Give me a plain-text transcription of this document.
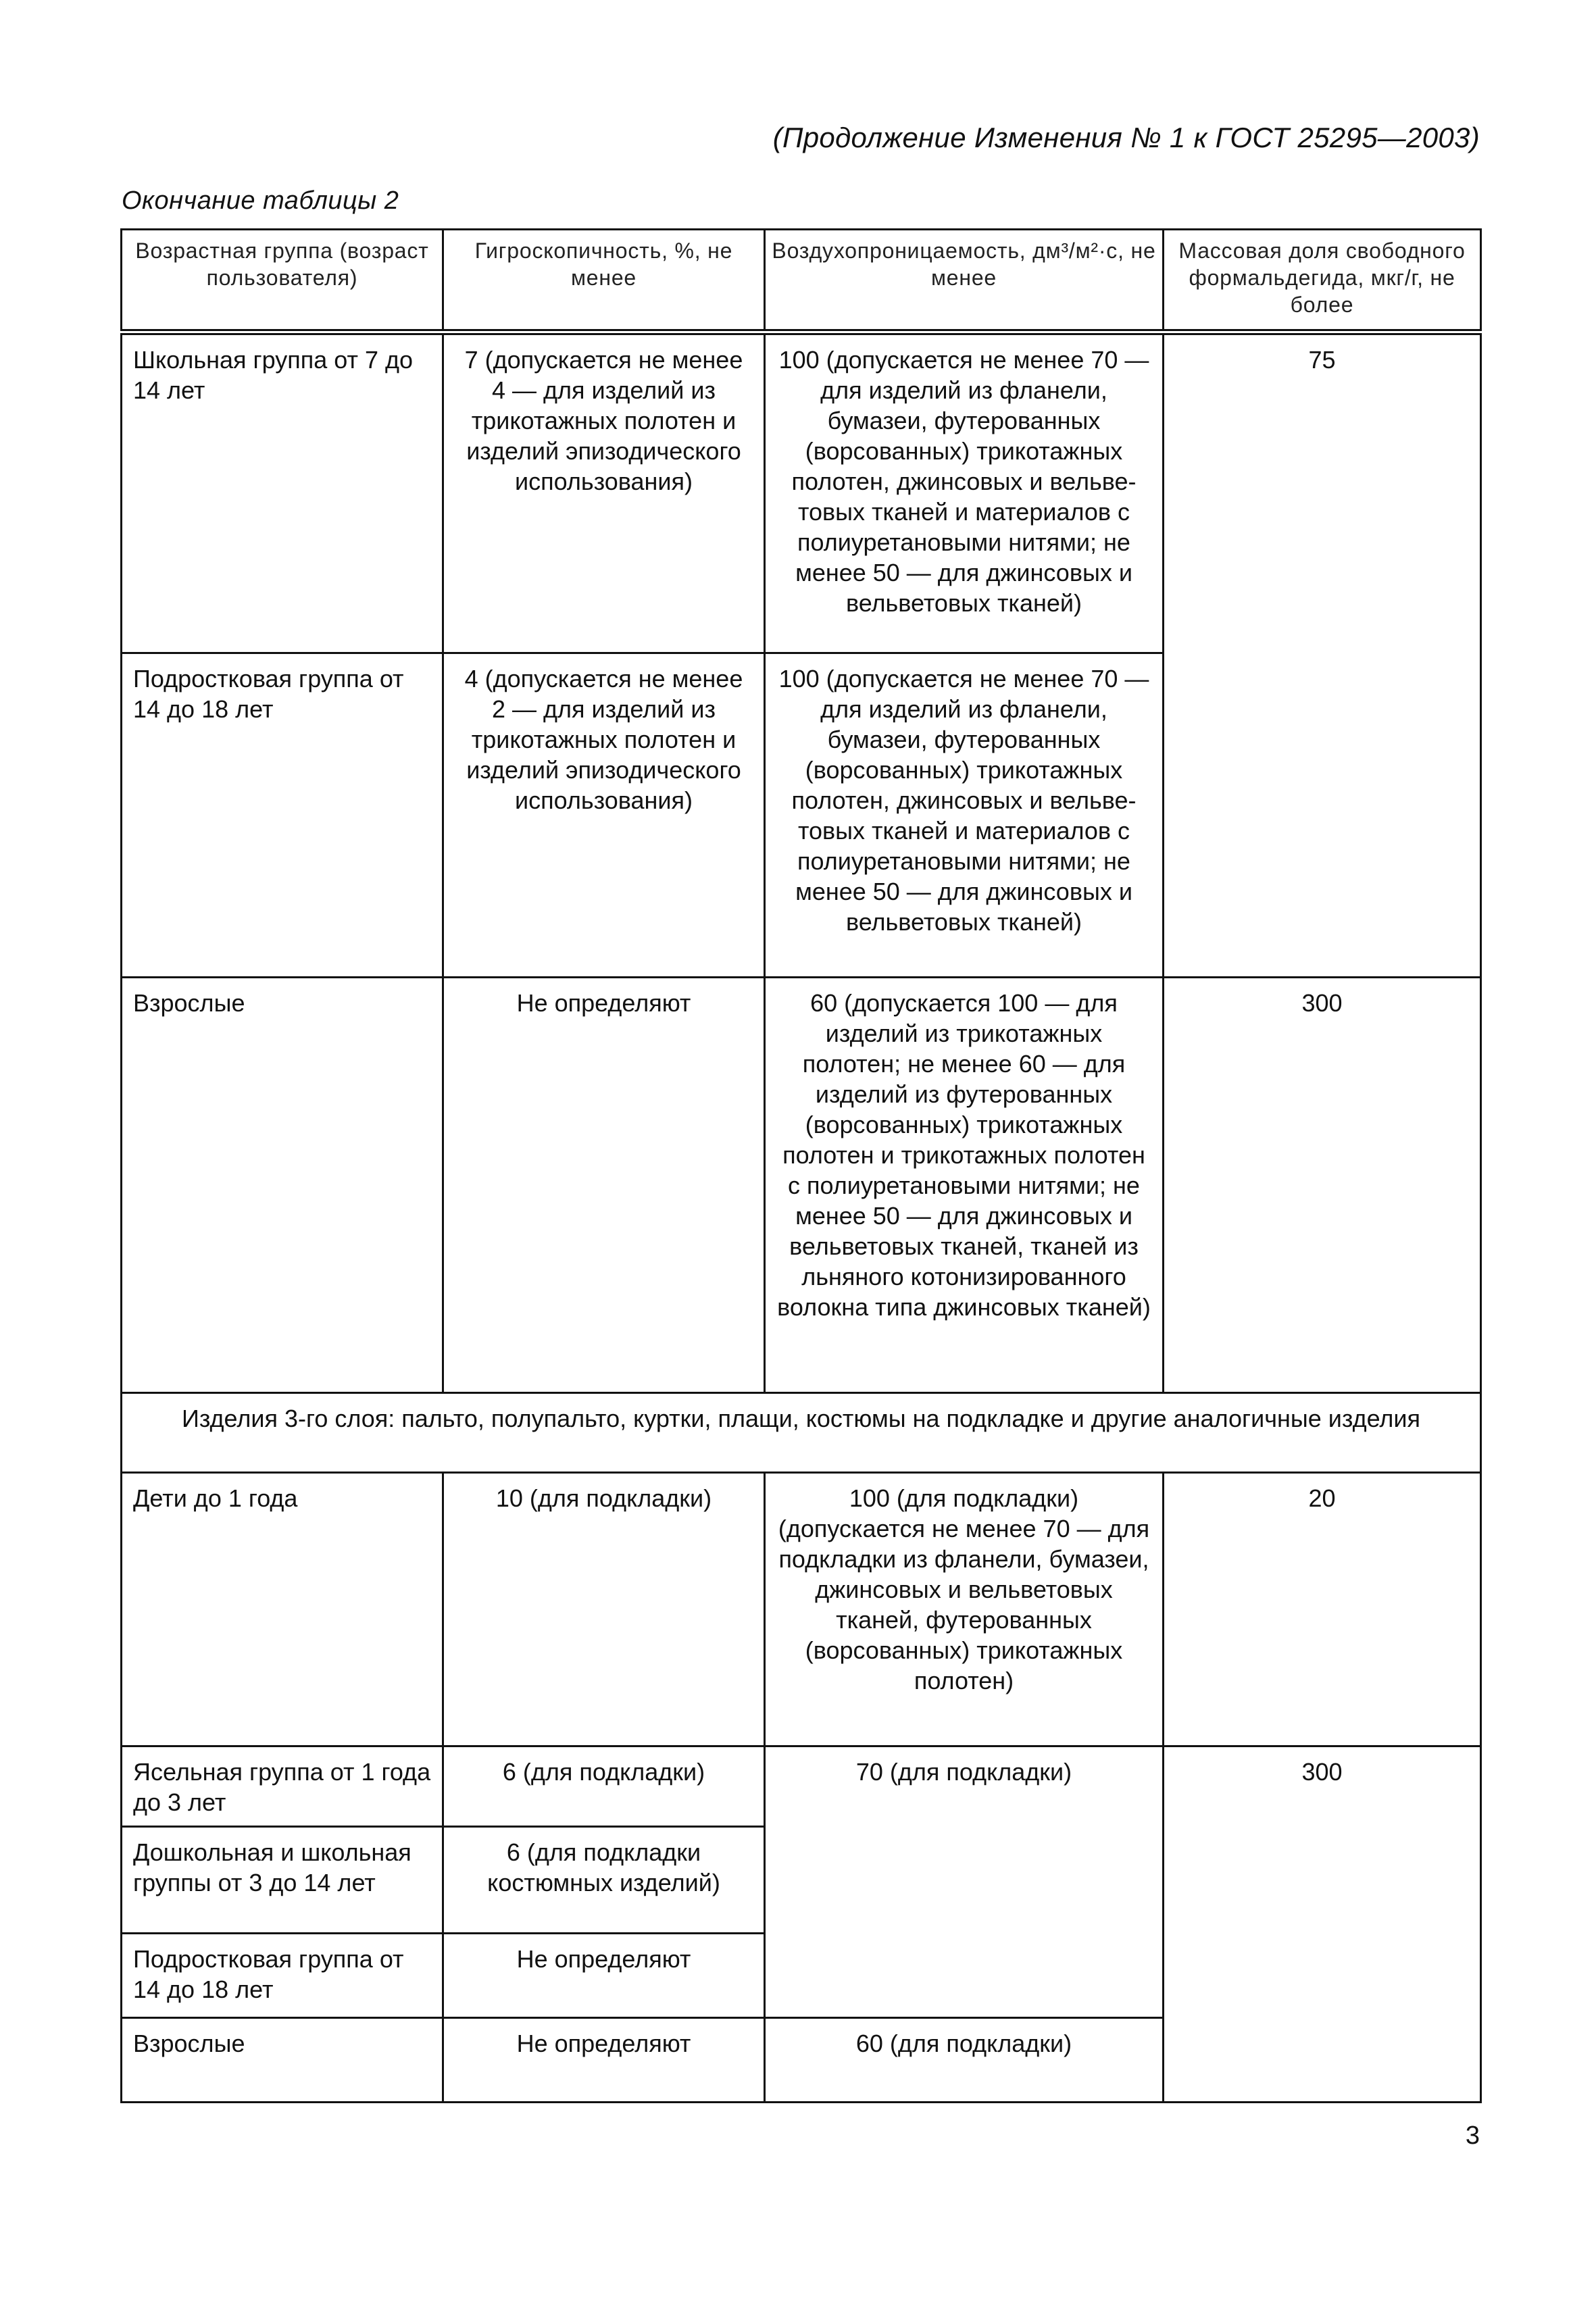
(Продолжение Изменения № 1 к ГОСТ 25295—2003)
Окончание таблицы 2
Возрастная группа (возраст пользователя)	Гигроскопичность, %, не менее	Воздухопроницаемость, дм³/м²·с, не менее	Массовая доля свободного формальдегида, мкг/г, не более
Школьная группа от 7 до 14 лет	7 (допускается не менее 4 — для изделий из трикотажных полотен и изделий эпизодического использования)	100 (допускается не менее 70 — для изделий из фланели, бумазеи, футерованных (ворсованных) трикотажных полотен, джинсовых и вельветовых тканей и материалов с полиуретановыми нитями; не менее 50 — для джинсовых и вельветовых тканей)	75
Подростковая группа от 14 до 18 лет	4 (допускается не менее 2 — для изделий из трикотажных полотен и изделий эпизодического использования)	100 (допускается не менее 70 — для изделий из фланели, бумазеи, футерованных (ворсованных) трикотажных полотен, джинсовых и вельветовых тканей и материалов с полиуретановыми нитями; не менее 50 — для джинсовых и вельветовых тканей)	
Взрослые	Не определяют	60 (допускается 100 — для изделий из трикотажных полотен; не менее 60 — для изделий из футерованных (ворсованных) трикотажных полотен и трикотажных полотен с полиуретановыми нитями; не менее 50 — для джинсовых и вельветовых тканей, тканей из льняного котонизированного волокна типа джинсовых тканей)	300
Изделия 3-го слоя: пальто, полупальто, куртки, плащи, костюмы на подкладке и другие аналогичные изделия			
Дети до 1 года	10 (для подкладки)	100 (для подкладки) (допускается не менее 70 — для подкладки из фланели, бумазеи, джинсовых и вельветовых тканей, футерованных (ворсованных) трикотажных полотен)	20
Ясельная группа от 1 года до 3 лет	6 (для подкладки)	70 (для подкладки)	300
Дошкольная и школьная группы от 3 до 14 лет	6 (для подкладки костюмных изделий)		
Подростковая группа от 14 до 18 лет	Не определяют		
Взрослые	Не определяют	60 (для подкладки)	
3
